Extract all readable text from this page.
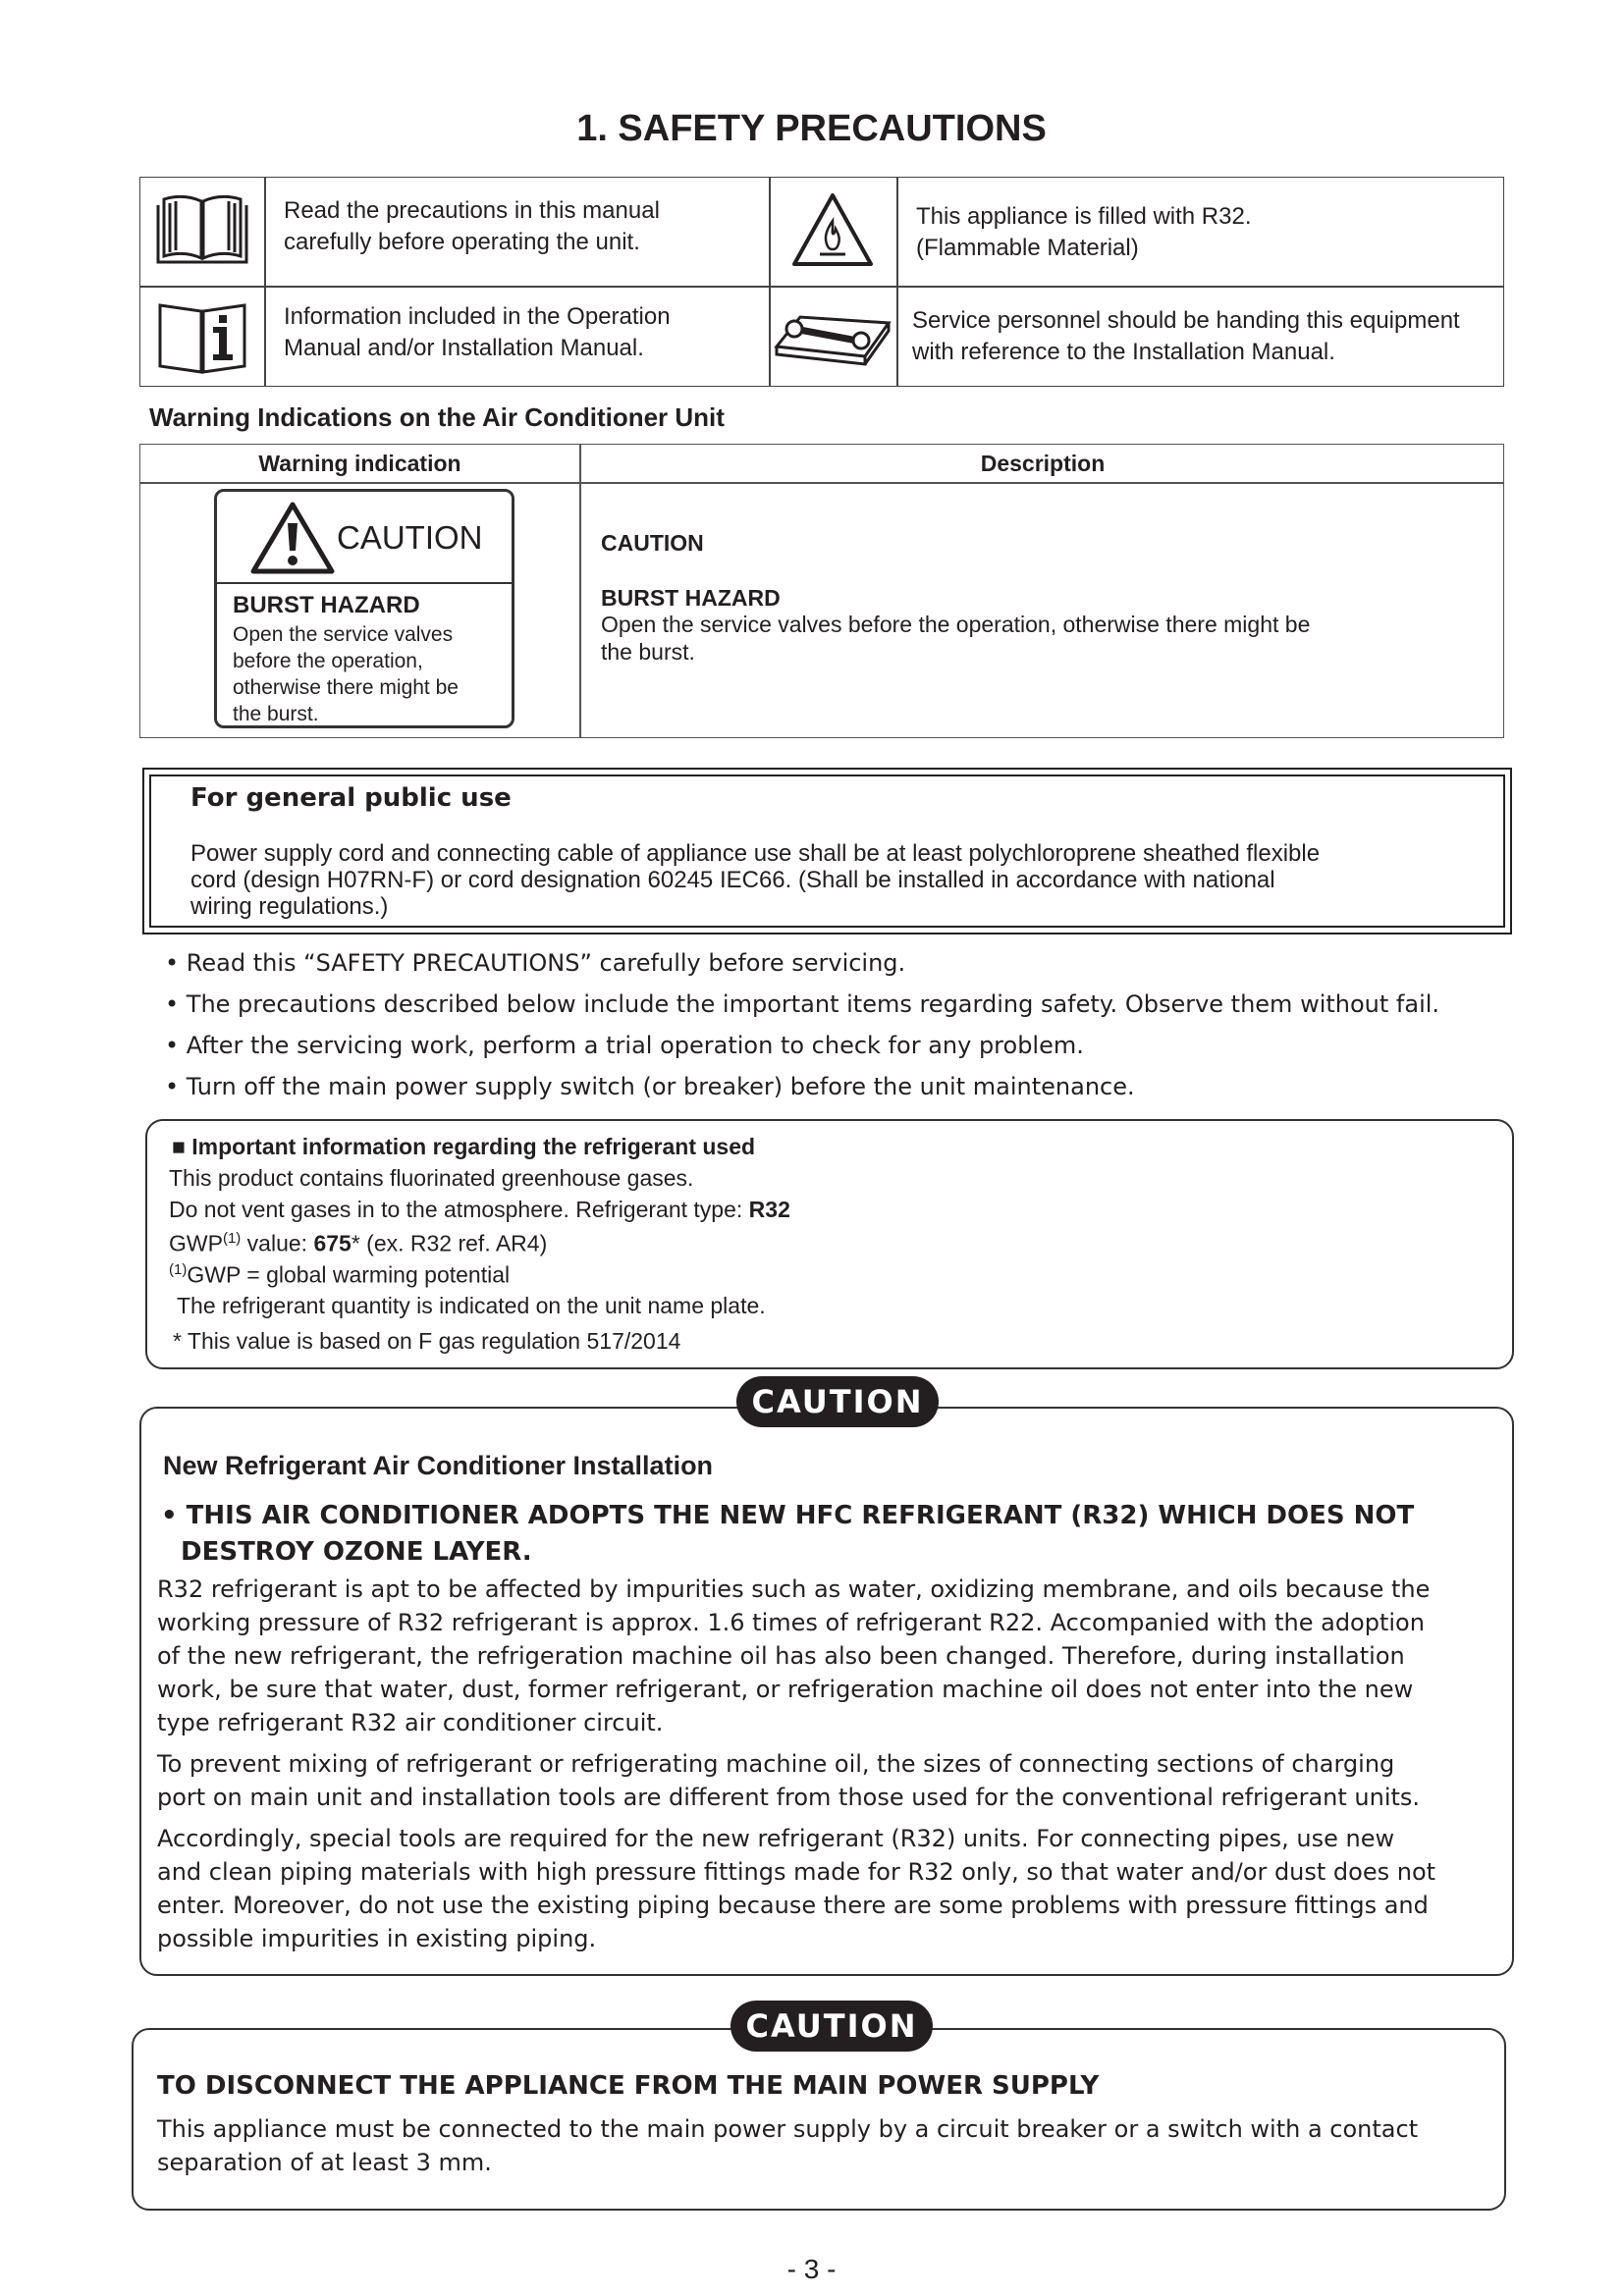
1. SAFETY PRECAUTIONS
Read the precautions in this manual
carefully before operating the unit.
This appliance is filled with R32.
(Flammable Material)
Information included in the Operation
Manual and/or Installation Manual.
Service personnel should be handing this equipment
with reference to the Installation Manual.
Warning Indications on the Air Conditioner Unit
Warning indication	Description
CAUTION
BURST HAZARD
Open the service valves
before the operation,
otherwise there might be
the burst.
CAUTION
BURST HAZARD
Open the service valves before the operation, otherwise there might be
the burst.
For general public use
Power supply cord and connecting cable of appliance use shall be at least polychloroprene sheathed flexible
cord (design H07RN-F) or cord designation 60245 IEC66. (Shall be installed in accordance with national
wiring regulations.)
• Read this “SAFETY PRECAUTIONS” carefully before servicing.
• The precautions described below include the important items regarding safety. Observe them without fail.
• After the servicing work, perform a trial operation to check for any problem.
• Turn off the main power supply switch (or breaker) before the unit maintenance.
■ Important information regarding the refrigerant used
This product contains fluorinated greenhouse gases.
Do not vent gases in to the atmosphere. Refrigerant type: R32
GWP$^{(1)}$ value: 675* (ex. R32 ref. AR4)
$^{(1)}$GWP = global warming potential
The refrigerant quantity is indicated on the unit name plate.
* This value is based on F gas regulation 517/2014
CAUTION
New Refrigerant Air Conditioner Installation
• THIS AIR CONDITIONER ADOPTS THE NEW HFC REFRIGERANT (R32) WHICH DOES NOT
DESTROY OZONE LAYER.
R32 refrigerant is apt to be affected by impurities such as water, oxidizing membrane, and oils because the
working pressure of R32 refrigerant is approx. 1.6 times of refrigerant R22. Accompanied with the adoption
of the new refrigerant, the refrigeration machine oil has also been changed. Therefore, during installation
work, be sure that water, dust, former refrigerant, or refrigeration machine oil does not enter into the new
type refrigerant R32 air conditioner circuit.
To prevent mixing of refrigerant or refrigerating machine oil, the sizes of connecting sections of charging
port on main unit and installation tools are different from those used for the conventional refrigerant units.
Accordingly, special tools are required for the new refrigerant (R32) units. For connecting pipes, use new
and clean piping materials with high pressure fittings made for R32 only, so that water and/or dust does not
enter. Moreover, do not use the existing piping because there are some problems with pressure fittings and
possible impurities in existing piping.
CAUTION
TO DISCONNECT THE APPLIANCE FROM THE MAIN POWER SUPPLY
This appliance must be connected to the main power supply by a circuit breaker or a switch with a contact
separation of at least 3 mm.
- 3 -
